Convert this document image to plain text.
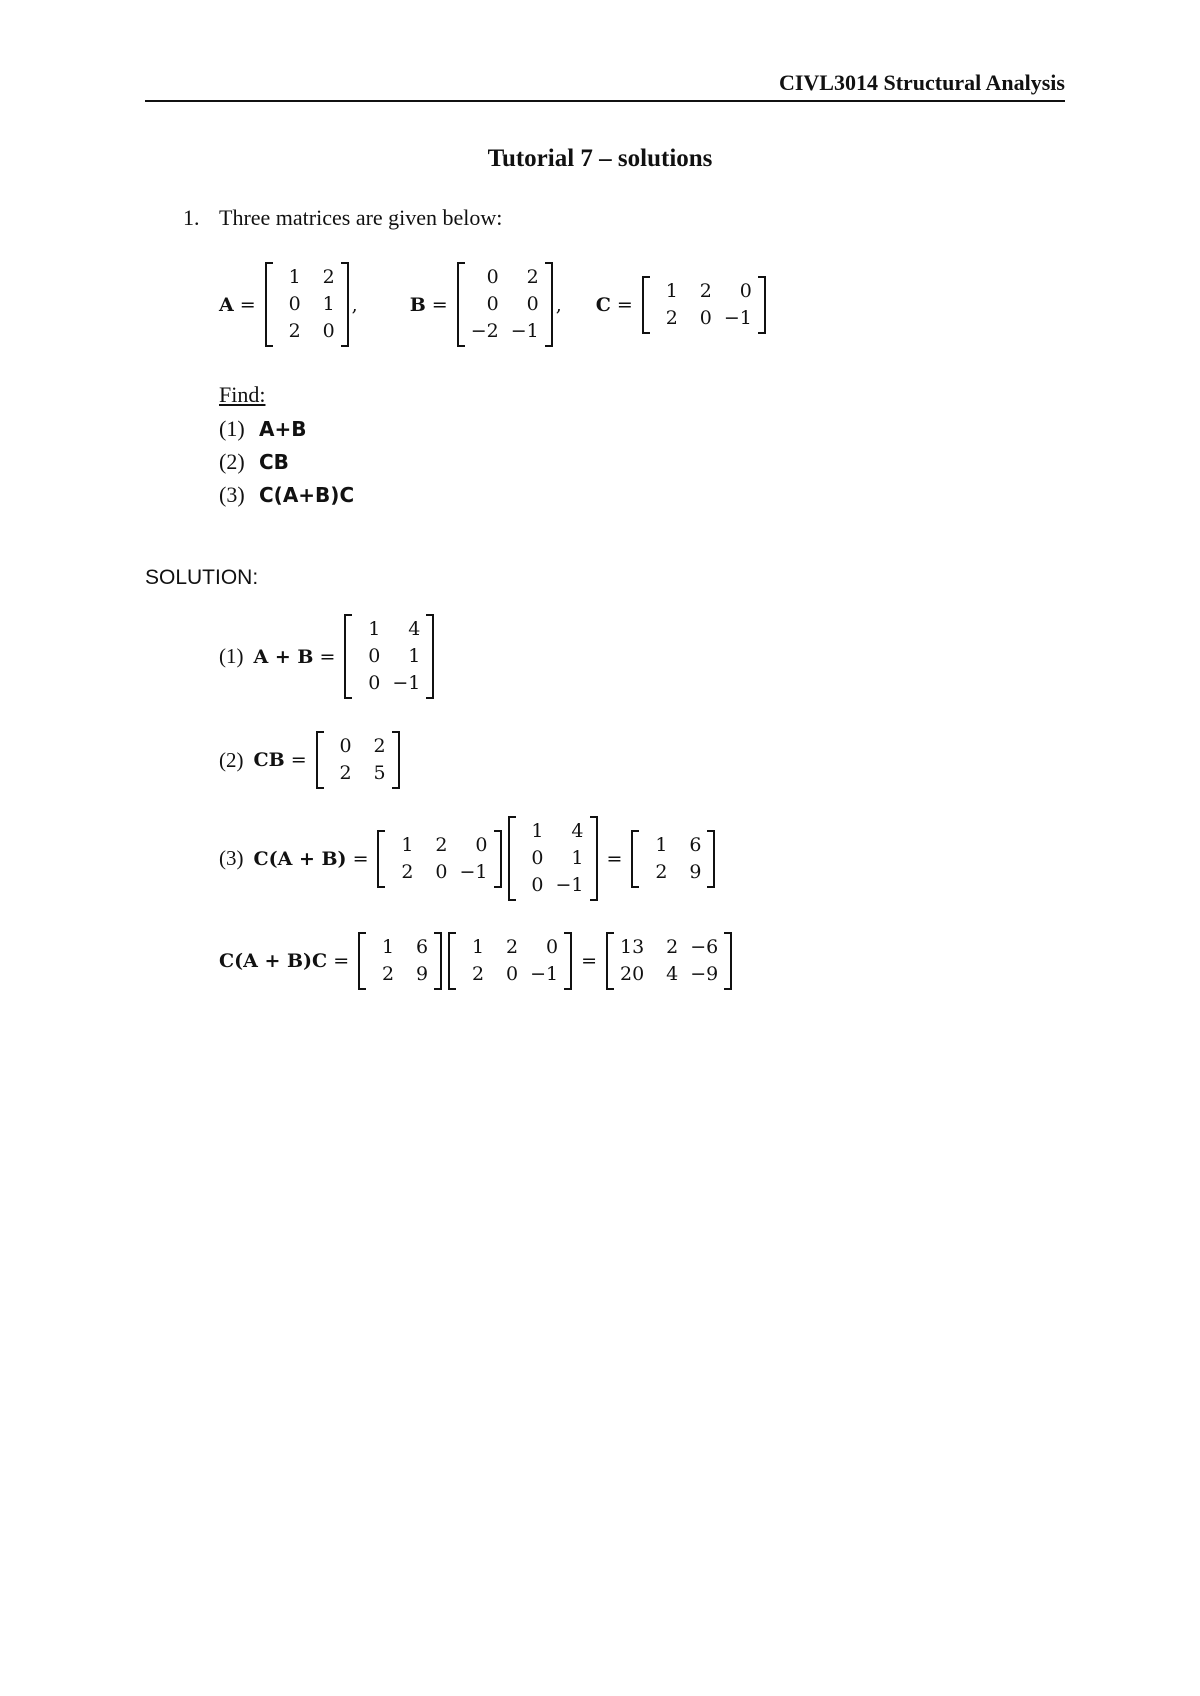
CIVL3014 Structural Analysis
Tutorial 7 – solutions
1. Three matrices are given below:
A =
1	2
0	1
2	0
,	B =
0	2
0	0
−2	−1
, C =
1	2	0
2	0	−1
Find:
(1) A+B
(2) CB
(3) C(A+B)C
SOLUTION:
(1) A + B =
1	4
0	1
0	−1
(2) CB =
0	2
2	5
(3) C(A + B) =
1	2	0
2	0	−1
1	4
0	1
0	−1
=
1	6
2	9
C(A + B)C =
1	6
2	9
1	2	0
2	0	−1
=
13	2	−6
20	4	−9
